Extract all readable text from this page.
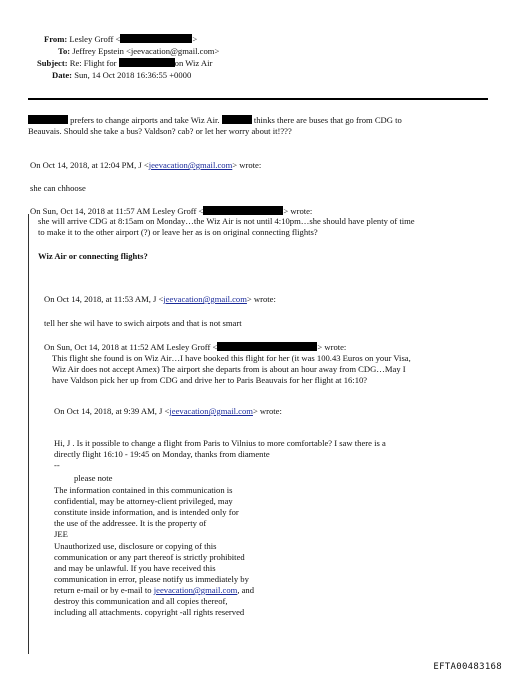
From: Lesley Groff <	>
To: Jeffrey Epstein <jeevacation@gmail.com>
Subject: Re: Flight for	on Wiz Air
Date: Sun, 14 Oct 2018 16:36:55 +0000
prefers to change airports and take Wiz Air.	thinks there are buses that go from CDG to
Beauvais. Should she take a bus? Valdson? cab? or let her worry about it!???
On Oct 14, 2018, at 12:04 PM, J <jeevacation@gmail.com> wrote:
she can chhoose
On Sun, Oct 14, 2018 at 11:57 AM Lesley Groff <	> wrote:
she will arrive CDG at 8:15am on Monday…the Wiz Air is not until 4:10pm…she should have plenty of time
to make it to the other airport (?) or leave her as is on original connecting flights?
Wiz Air or connecting flights?
On Oct 14, 2018, at 11:53 AM, J <jeevacation@gmail.com> wrote:
tell her she wil have to swich airpots and that is not smart
On Sun, Oct 14, 2018 at 11:52 AM Lesley Groff <	> wrote:
This flight she found is on Wiz Air…I have booked this flight for her (it was 100.43 Euros on your Visa,
Wiz Air does not accept Amex) The airport she departs from is about an hour away from CDG…May I
have Valdson pick her up from CDG and drive her to Paris Beauvais for her flight at 16:10?
On Oct 14, 2018, at 9:39 AM, J <jeevacation@gmail.com> wrote:
Hi, J . Is it possible to change a flight from Paris to Vilnius to more comfortable? I saw there is a
directly flight 16:10 - 19:45 on Monday, thanks from diamente
--
please note
The information contained in this communication is
confidential, may be attorney-client privileged, may
constitute inside information, and is intended only for
the use of the addressee. It is the property of
JEE
Unauthorized use, disclosure or copying of this
communication or any part thereof is strictly prohibited
and may be unlawful. If you have received this
communication in error, please notify us immediately by
return e-mail or by e-mail to jeevacation@gmail.com, and
destroy this communication and all copies thereof,
including all attachments. copyright -all rights reserved
EFTA00483168
